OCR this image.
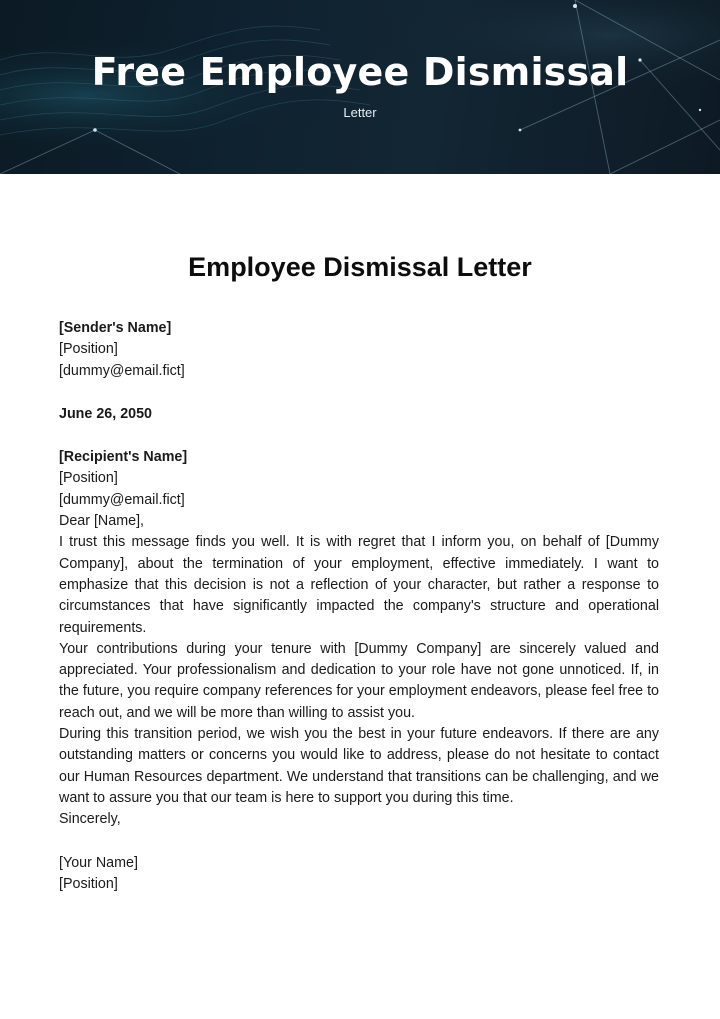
Free Employee Dismissal
Letter
Employee Dismissal Letter
[Sender's Name]
[Position]
[dummy@email.fict]
June 26, 2050
[Recipient's Name]
[Position]
[dummy@email.fict]

Dear [Name],

I trust this message finds you well. It is with regret that I inform you, on behalf of [Dummy Company], about the termination of your employment, effective immediately. I want to emphasize that this decision is not a reflection of your character, but rather a response to circumstances that have significantly impacted the company's structure and operational requirements.

Your contributions during your tenure with [Dummy Company] are sincerely valued and appreciated. Your professionalism and dedication to your role have not gone unnoticed. If, in the future, you require company references for your employment endeavors, please feel free to reach out, and we will be more than willing to assist you.

During this transition period, we wish you the best in your future endeavors. If there are any outstanding matters or concerns you would like to address, please do not hesitate to contact our Human Resources department. We understand that transitions can be challenging, and we want to assure you that our team is here to support you during this time.

Sincerely,

[Your Name]
[Position]
